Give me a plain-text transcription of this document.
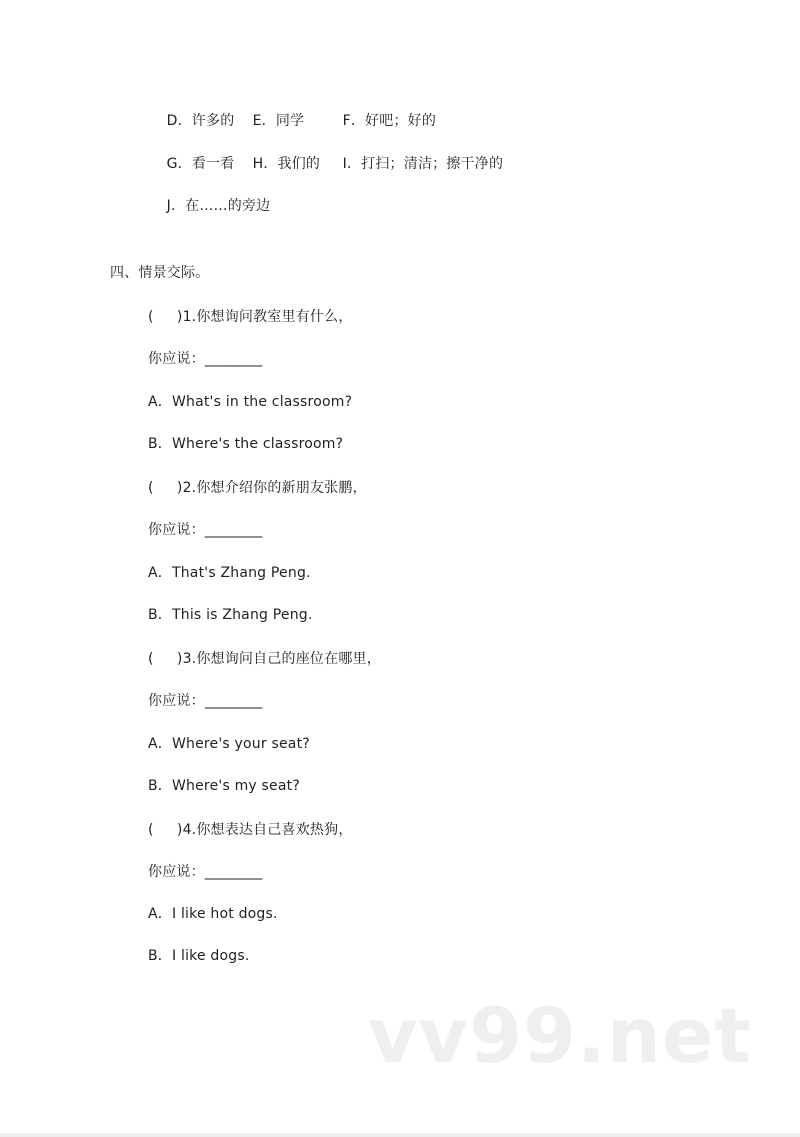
D．许多的 E．同学	F．好吧；好的

G．看一看 H．我们的 I．打扫；清洁；擦干净的

J．在……的旁边

四、情景交际。
(     )1.你想询问教室里有什么，
你应说：________
A．What's in the classroom?
B．Where's the classroom?
(     )2.你想介绍你的新朋友张鹏，
你应说：________
A．That's Zhang Peng.
B．This is Zhang Peng.
(     )3.你想询问自己的座位在哪里，
你应说：________
A．Where's your seat?
B．Where's my seat?
(     )4.你想表达自己喜欢热狗，
你应说：________
A．I like hot dogs.
B．I like dogs.
vv99.net
